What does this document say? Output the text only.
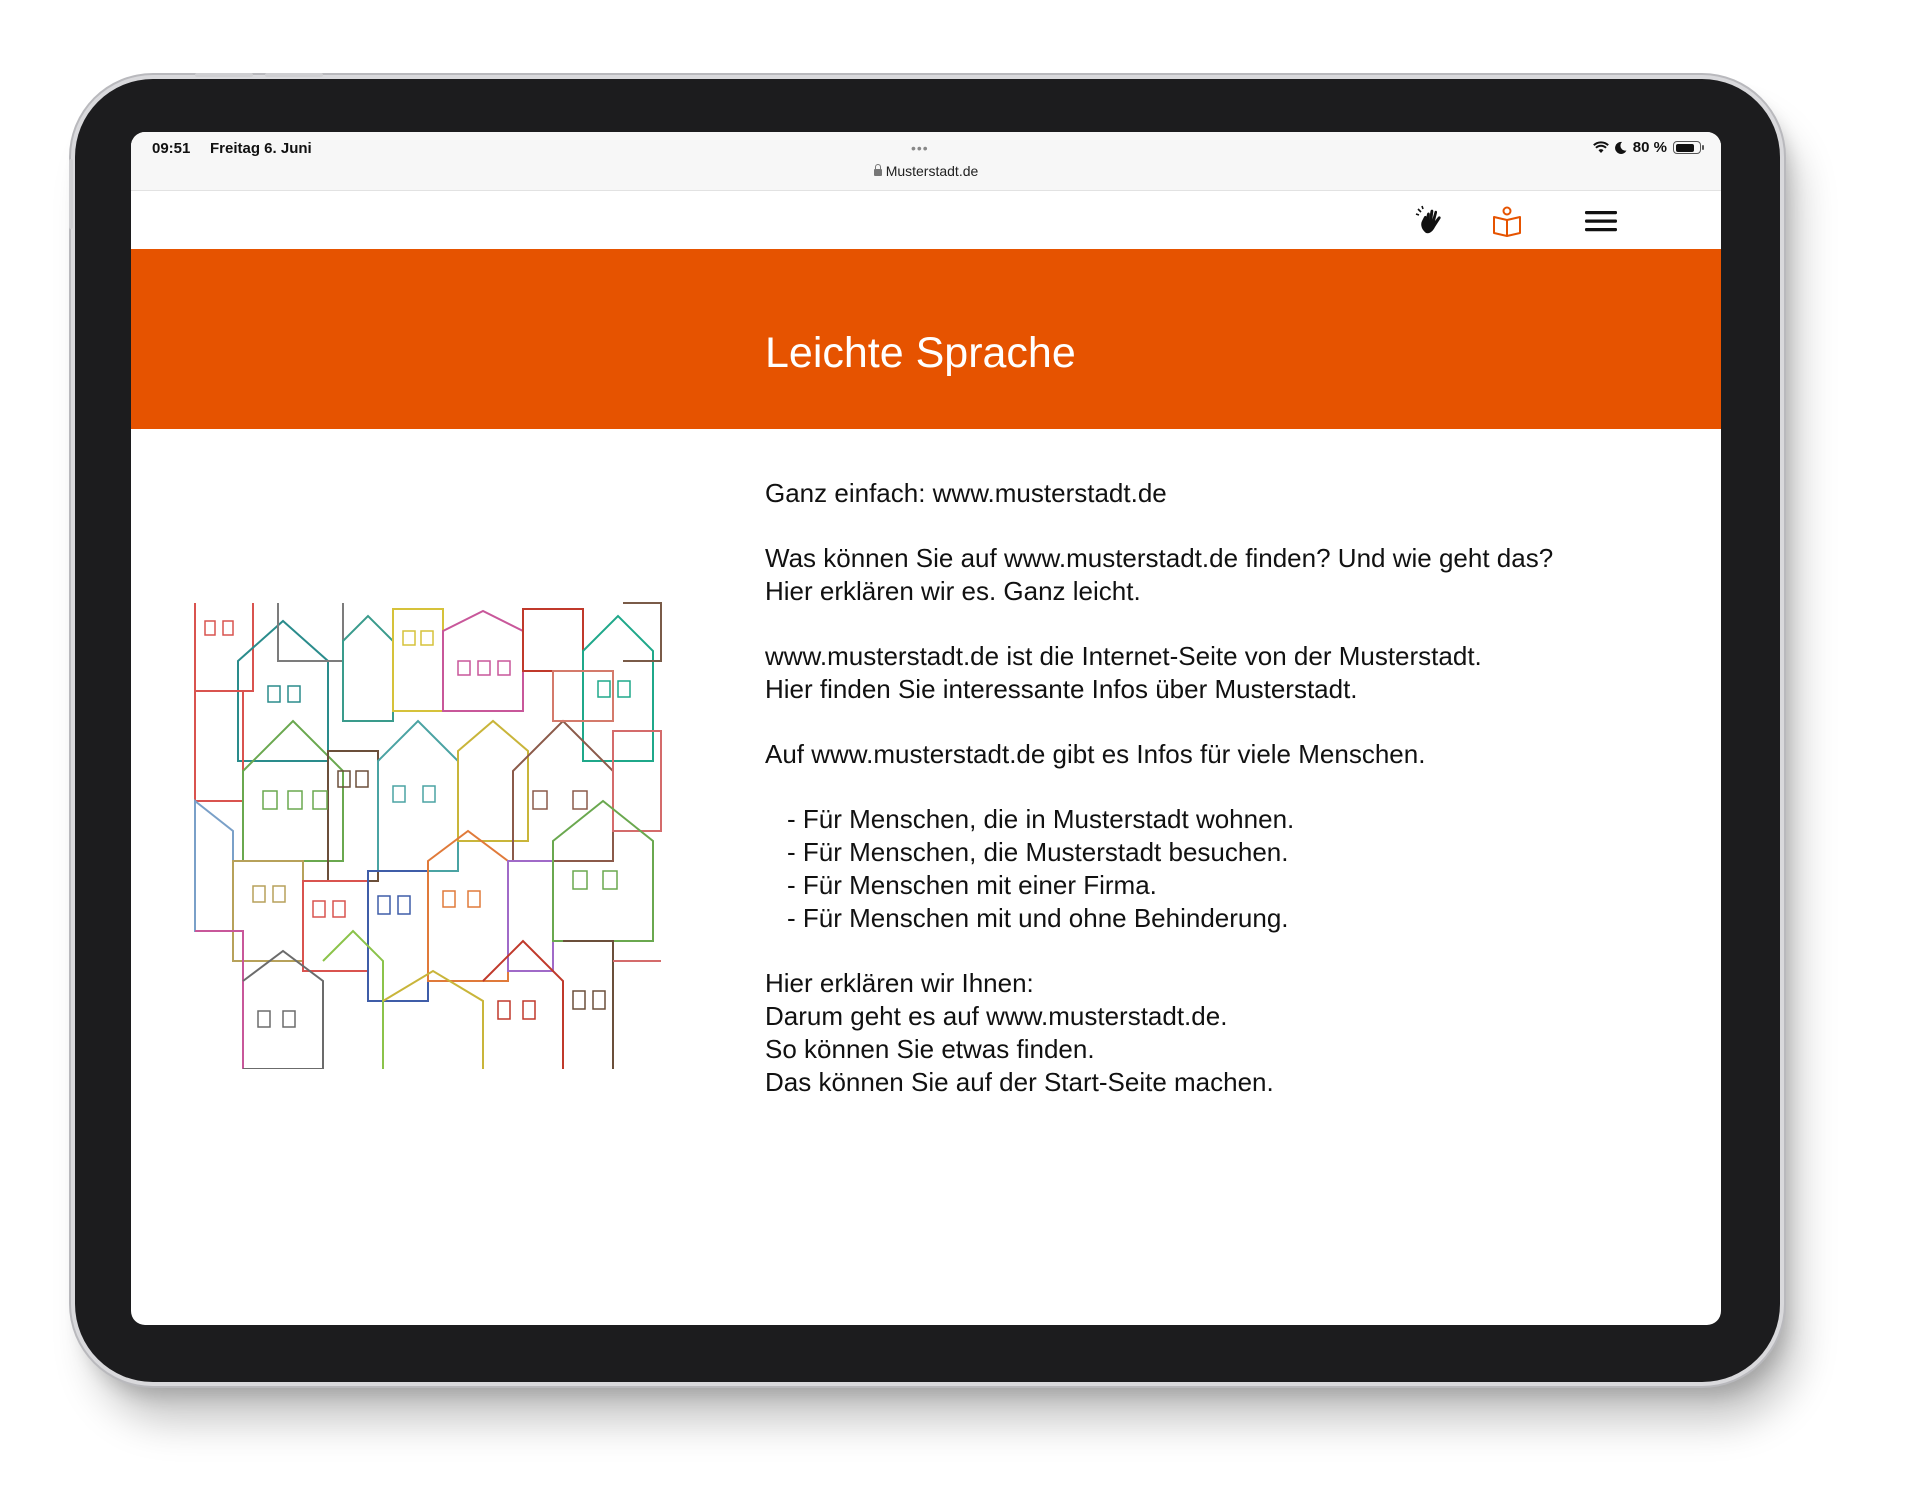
09:51 Freitag 6. Juni	•••
Musterstadt.de
80 %
Leichte Sprache

Ganz einfach: www.musterstadt.de

Was können Sie auf www.musterstadt.de finden? Und wie geht das?
Hier erklären wir es. Ganz leicht.

www.musterstadt.de ist die Internet-Seite von der Musterstadt.
Hier finden Sie interessante Infos über Musterstadt.

Auf www.musterstadt.de gibt es Infos für viele Menschen.

- Für Menschen, die in Musterstadt wohnen.
- Für Menschen, die Musterstadt besuchen.
- Für Menschen mit einer Firma.
- Für Menschen mit und ohne Behinderung.

Hier erklären wir Ihnen:
Darum geht es auf www.musterstadt.de.
So können Sie etwas finden.
Das können Sie auf der Start-Seite machen.
